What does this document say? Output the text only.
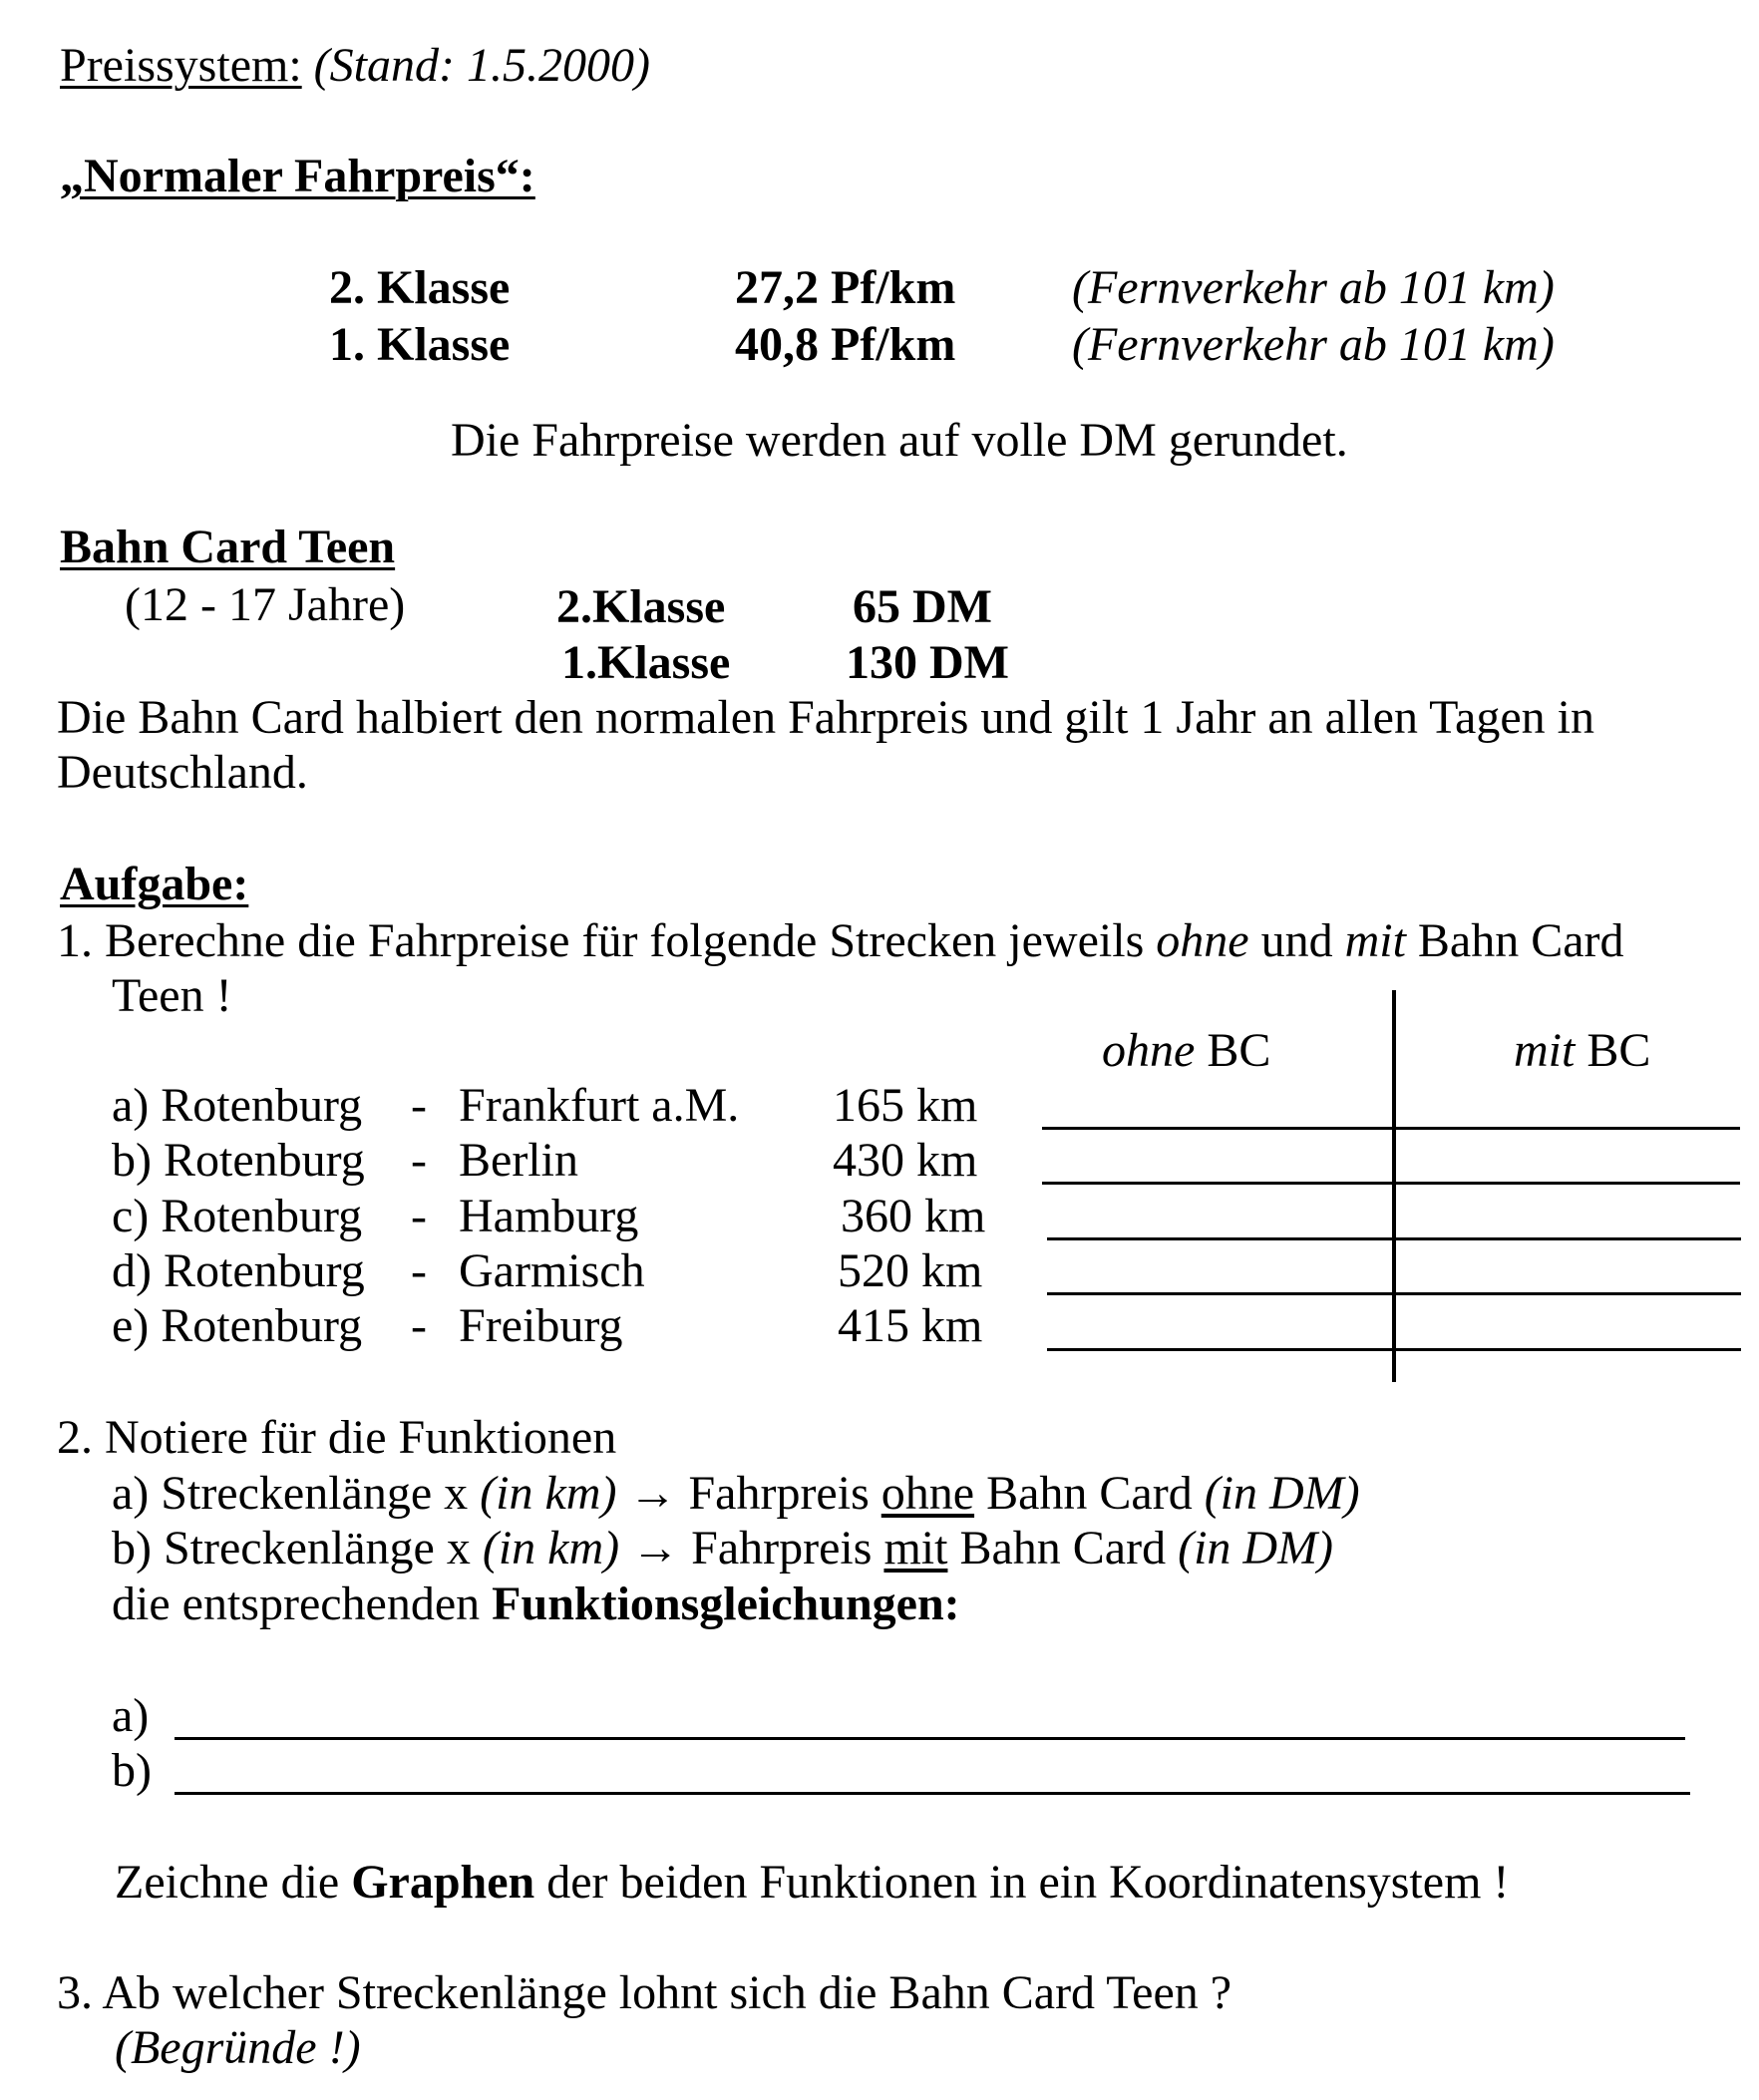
Preissystem: (Stand: 1.5.2000)
„Normaler Fahrpreis“:
2. Klasse	27,2 Pf/km (Fernverkehr ab 101 km)
1. Klasse	40,8 Pf/km (Fernverkehr ab 101 km)
Die Fahrpreise werden auf volle DM gerundet.
Bahn Card Teen
(12 - 17 Jahre)	2.Klasse	65 DM
1.Klasse 130 DM
Die Bahn Card halbiert den normalen Fahrpreis und gilt 1 Jahr an allen Tagen in
Deutschland.
Aufgabe:
1. Berechne die Fahrpreise für folgende Strecken jeweils ohne und mit Bahn Card
Teen !
ohne BC	mit BC
a) Rotenburg - Frankfurt a.M. 165 km
b) Rotenburg - Berlin	430 km
c) Rotenburg - Hamburg	360 km
d) Rotenburg - Garmisch	520 km
e) Rotenburg - Freiburg	415 km
2. Notiere für die Funktionen
a) Streckenlänge x (in km) → Fahrpreis ohne Bahn Card (in DM)
b) Streckenlänge x (in km) → Fahrpreis mit Bahn Card (in DM)
die entsprechenden Funktionsgleichungen:
a)
b)
Zeichne die Graphen der beiden Funktionen in ein Koordinatensystem !
3. Ab welcher Streckenlänge lohnt sich die Bahn Card Teen ?
(Begründe !)
